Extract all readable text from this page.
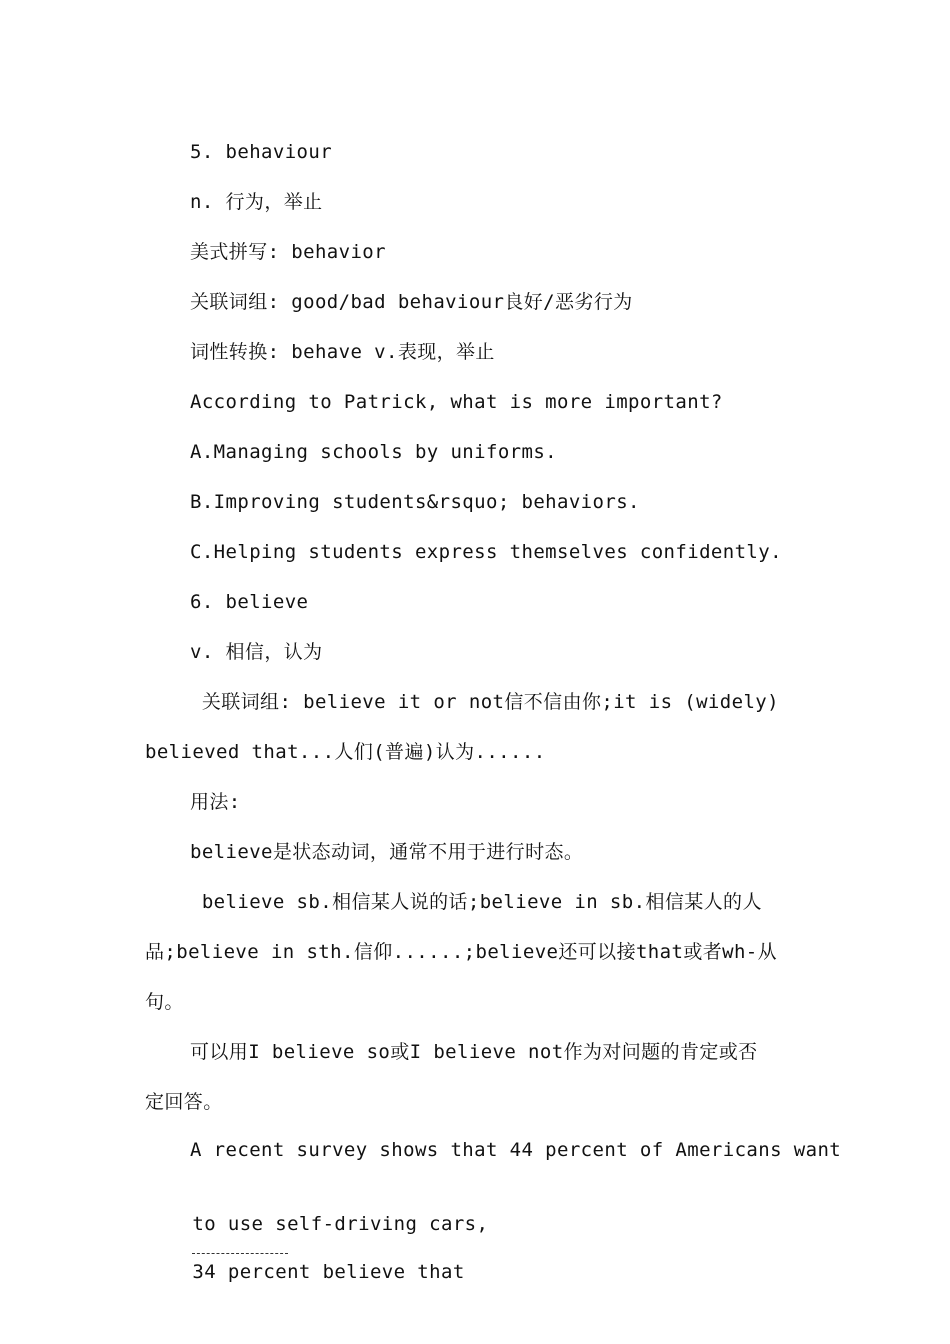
5. behaviour
n. 行为，举止
美式拼写: behavior
关联词组: good/bad behaviour良好/恶劣行为
词性转换: behave v.表现，举止
According to Patrick, what is more important?
A.Managing schools by uniforms.
B.Improving students&rsquo; behaviors.
C.Helping students express themselves confidently.
6. believe
v. 相信，认为
关联词组: believe it or not信不信由你;it is (widely)
believed that...人们(普遍)认为......
用法:
believe是状态动词，通常不用于进行时态。
believe sb.相信某人说的话;believe in sb.相信某人的人
品;believe in sth.信仰......;believe还可以接that或者wh-从
句。
可以用I believe so或I believe not作为对问题的肯定或否
定回答。
A recent survey shows that 44 percent of Americans want

to use self-driving cars,

34 percent believe that
